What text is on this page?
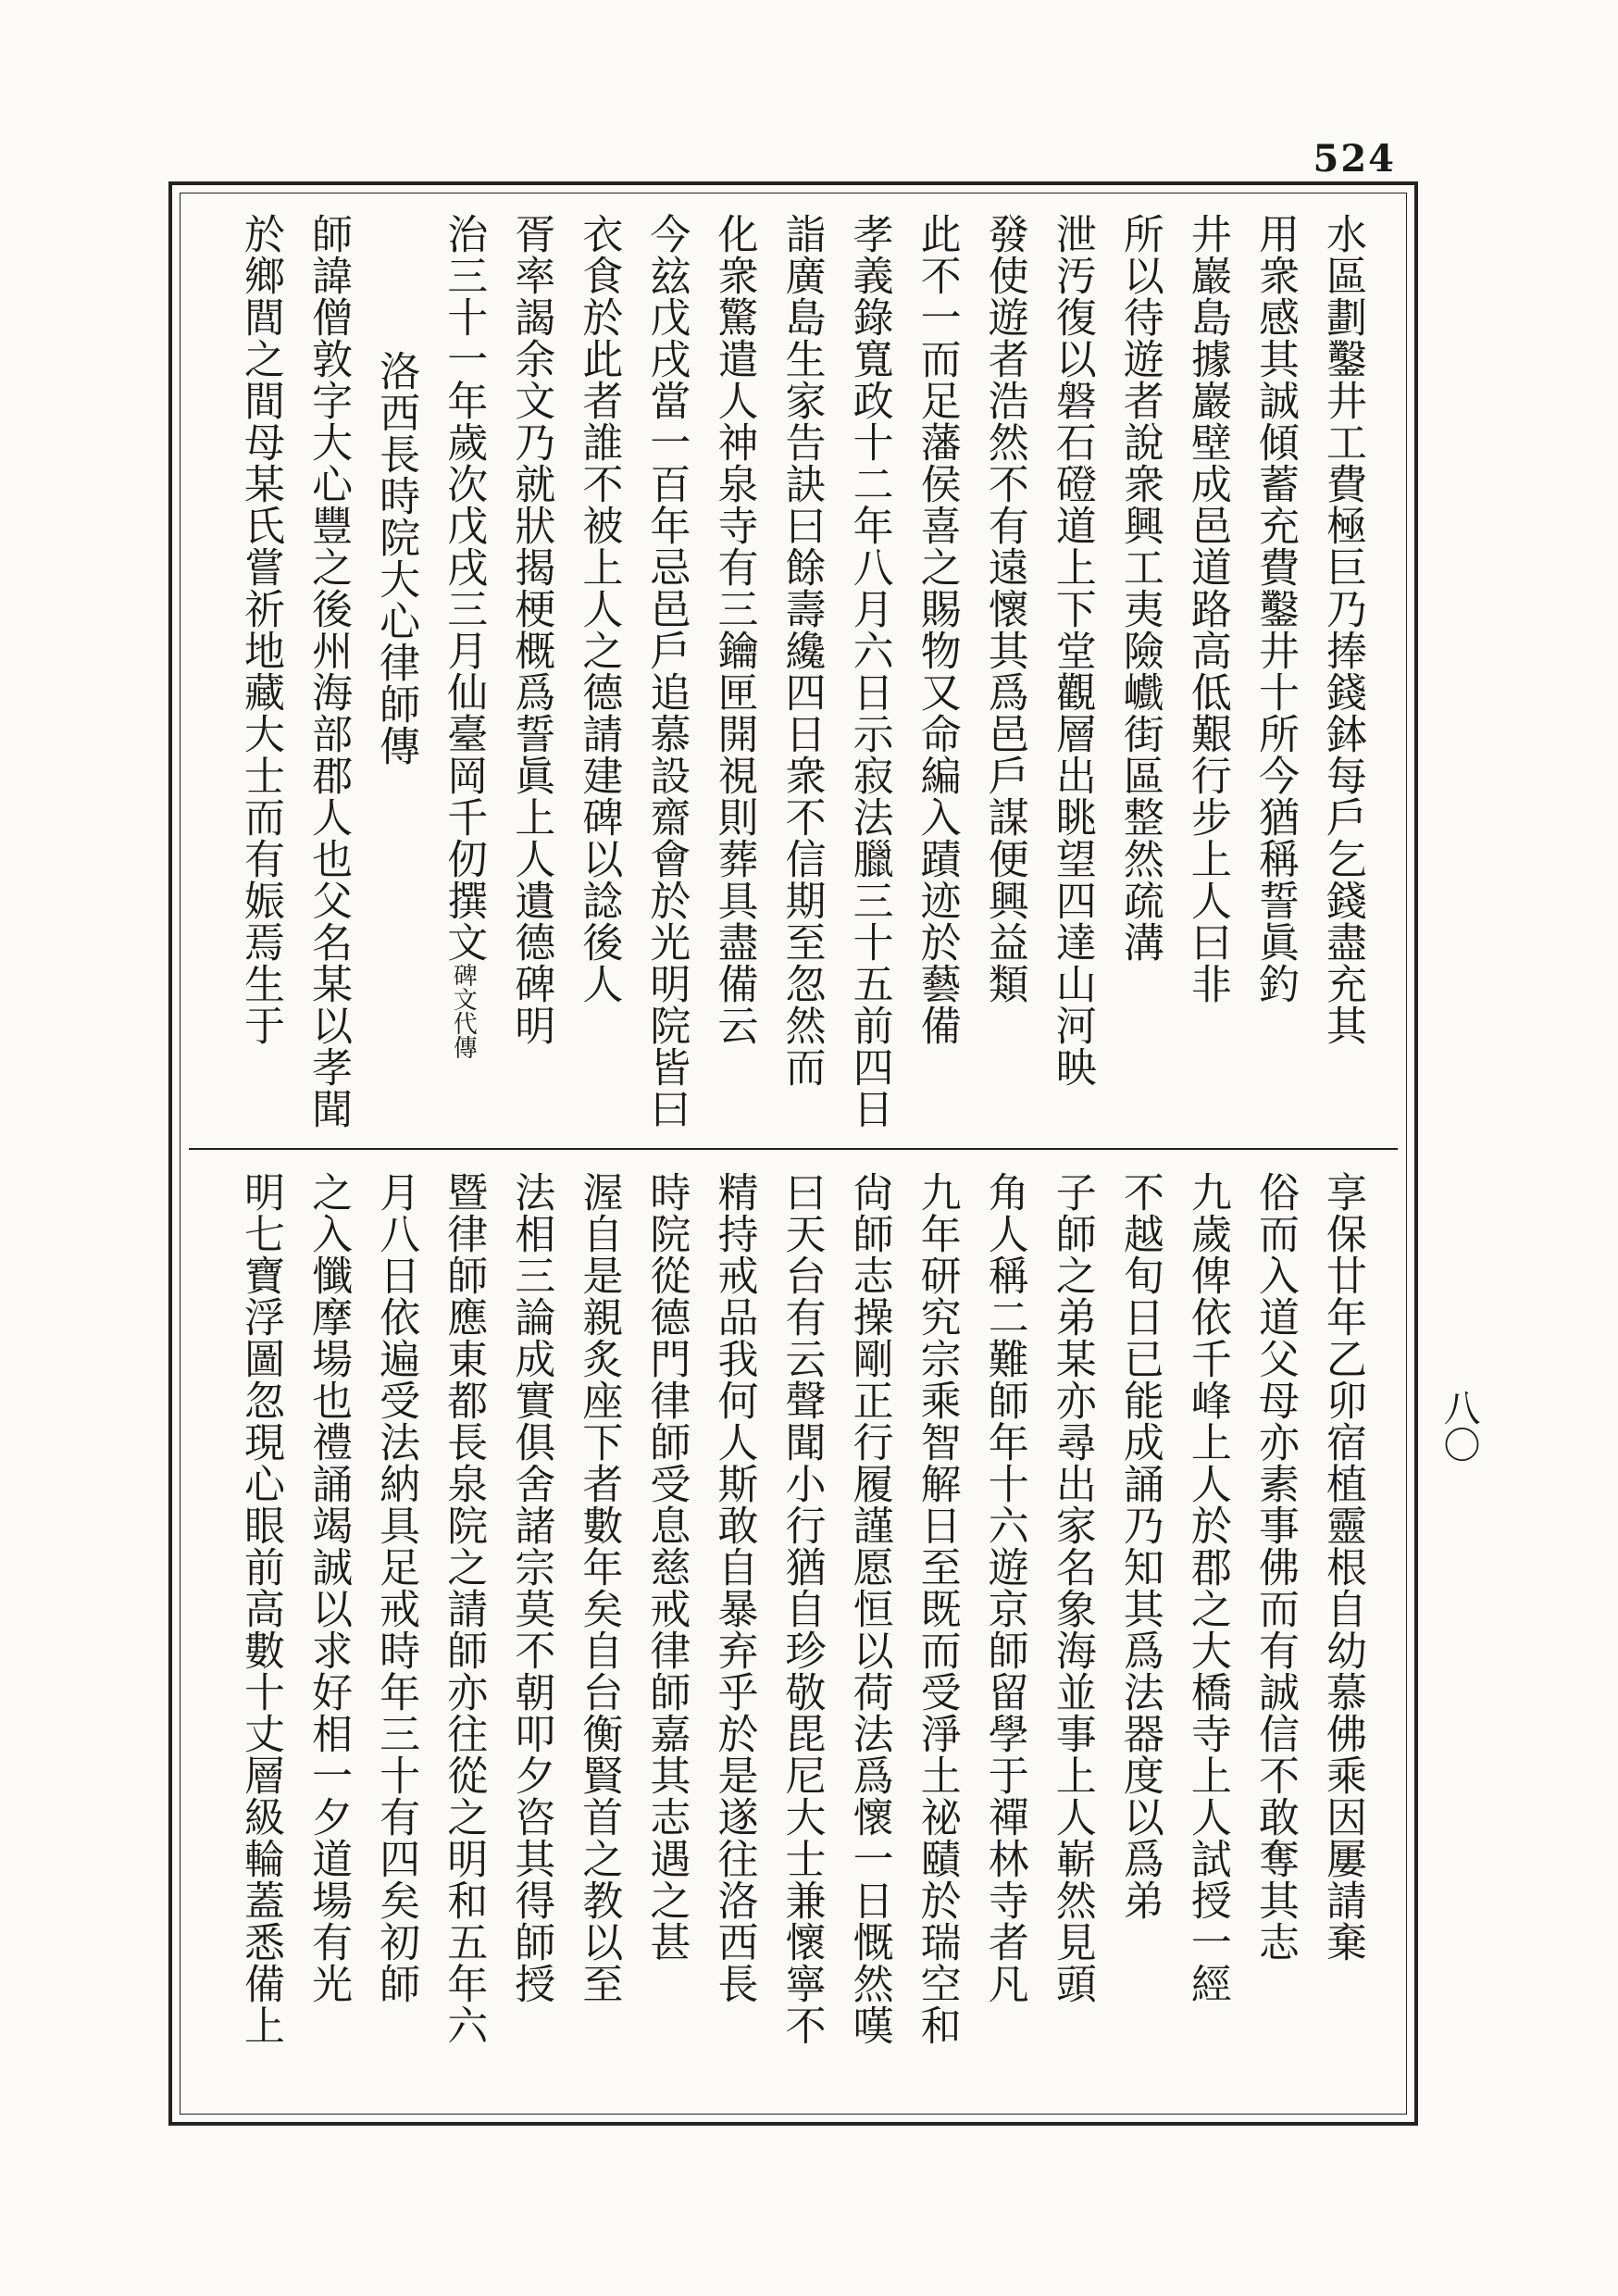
524
水區劃鑿井工費極巨乃捧錢鉢每戶乞錢盡充其
用衆感其誠傾蓄充費鑿井十所今猶稱誓眞釣
井巖島據巖壁成邑道路高低艱行步上人曰非
所以待遊者說衆興工夷險巇街區整然疏溝
泄汚復以磐石磴道上下堂觀層出眺望四達山河映
發使遊者浩然不有遠懷其爲邑戶謀便興益類
此不一而足藩侯喜之賜物又命編入蹟迹於藝備
孝義錄寬政十二年八月六日示寂法臘三十五前四日
詣廣島生家告訣曰餘壽纔四日衆不信期至忽然而
化衆驚遣人神泉寺有三鑰匣開視則葬具盡備云
今玆戊戌當一百年忌邑戶追慕設齋會於光明院皆曰
衣食於此者誰不被上人之德請建碑以諗後人
胥率謁余文乃就狀揭梗概爲誓眞上人遺德碑明
治三十一年歲次戊戌三月仙臺岡千仞撰文碑文代傳
洛西長時院大心律師傳
師諱僧敦字大心豐之後州海部郡人也父名某以孝聞
於鄉閭之間母某氏嘗祈地藏大士而有娠焉生于
享保廿年乙卯宿植靈根自幼慕佛乘因屢請棄
俗而入道父母亦素事佛而有誠信不敢奪其志
九歲俾依千峰上人於郡之大橋寺上人試授一經
不越旬日已能成誦乃知其爲法器度以爲弟
子師之弟某亦尋出家名象海並事上人嶄然見頭
角人稱二難師年十六遊京師留學于禪林寺者凡
九年研究宗乘智解日至既而受淨土祕賾於瑞空和
尙師志操剛正行履謹愿恒以荷法爲懷一日慨然嘆
曰天台有云聲聞小行猶自珍敬毘尼大士兼懷寧不
精持戒品我何人斯敢自暴弃乎於是遂往洛西長
時院從德門律師受息慈戒律師嘉其志遇之甚
渥自是親炙座下者數年矣自台衡賢首之教以至
法相三論成實俱舍諸宗莫不朝叩夕咨其得師授
暨律師應東都長泉院之請師亦往從之明和五年六
月八日依遍受法納具足戒時年三十有四矣初師
之入懺摩場也禮誦竭誠以求好相一夕道場有光
明七寶浮圖忽現心眼前高數十丈層級輪蓋悉備上	八〇
